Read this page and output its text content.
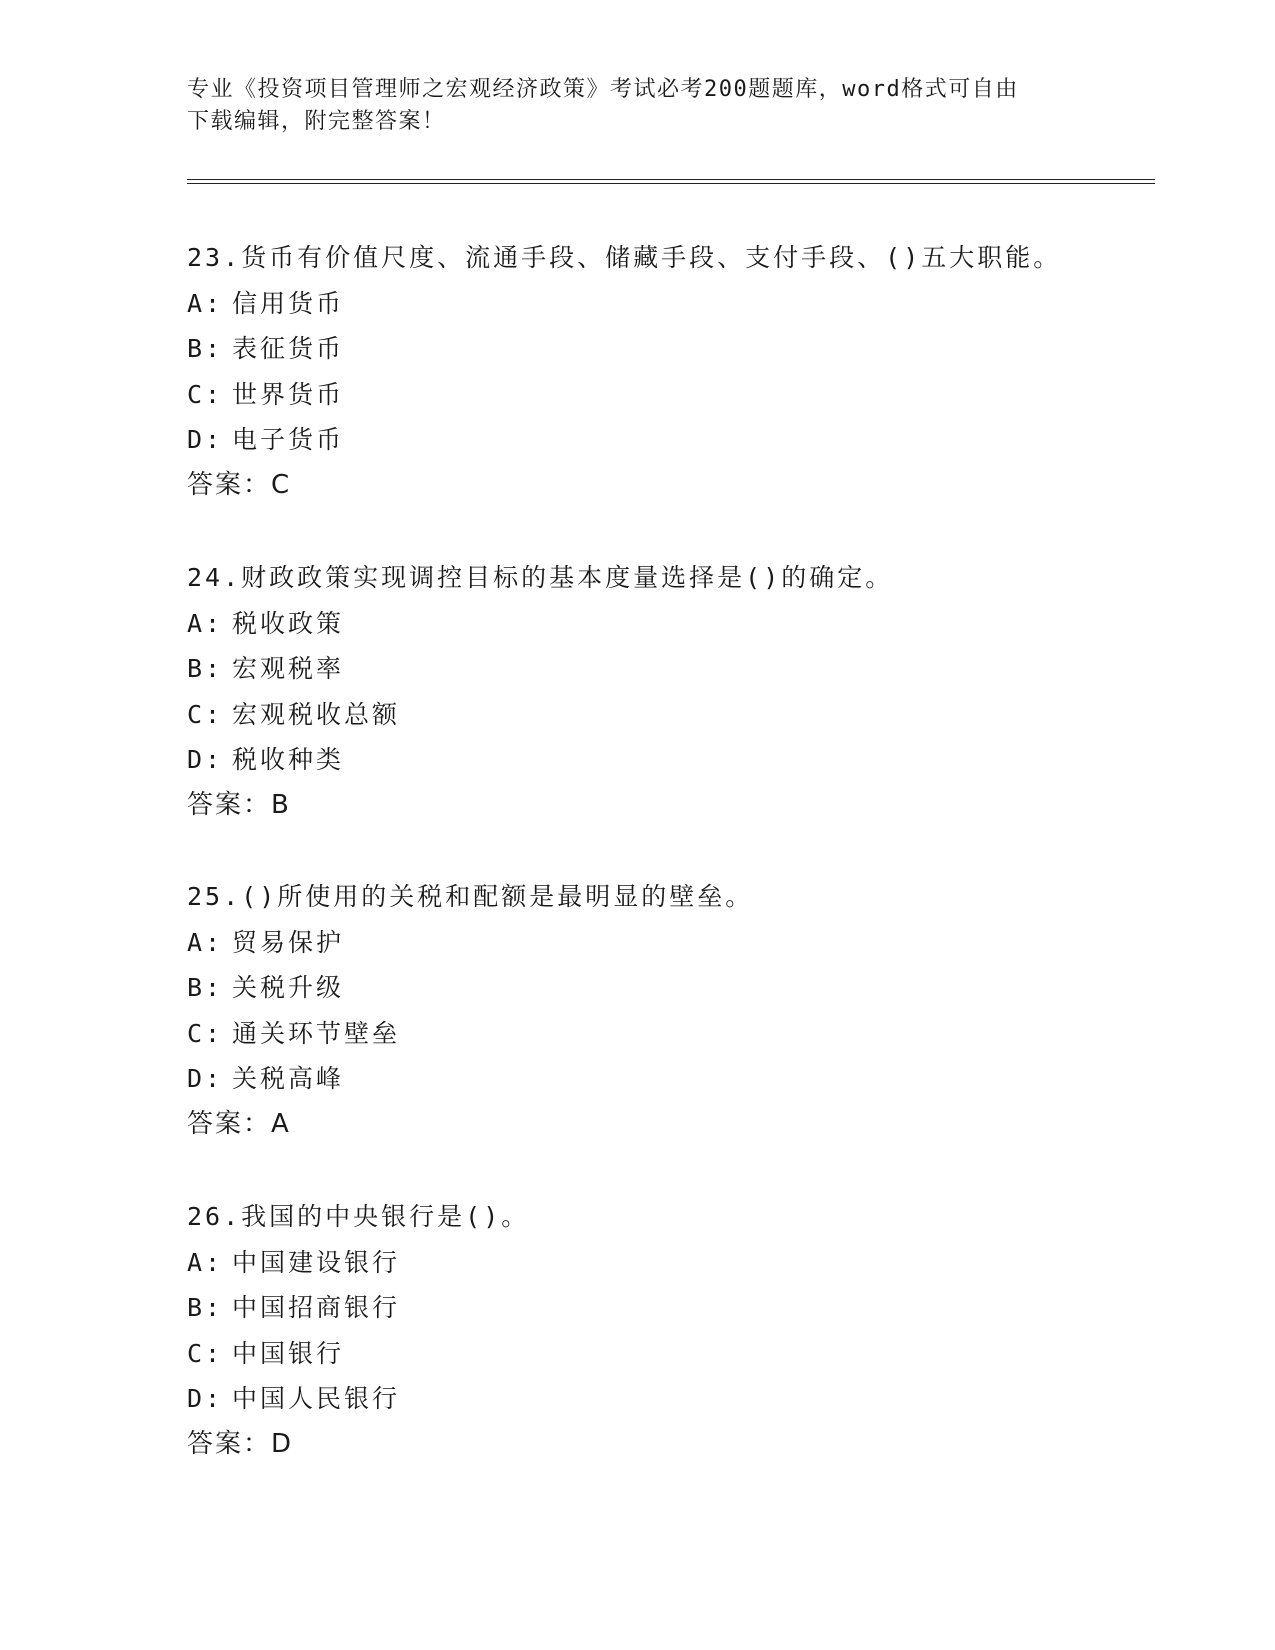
专业《投资项目管理师之宏观经济政策》考试必考200题题库，word格式可自由
下载编辑，附完整答案！
23.货币有价值尺度、流通手段、储藏手段、支付手段、()五大职能。
A: 信用货币
B: 表征货币
C: 世界货币
D: 电子货币
答案：C
24.财政政策实现调控目标的基本度量选择是()的确定。
A: 税收政策
B: 宏观税率
C: 宏观税收总额
D: 税收种类
答案：B
25.()所使用的关税和配额是最明显的壁垒。
A: 贸易保护
B: 关税升级
C: 通关环节壁垒
D: 关税高峰
答案：A
26.我国的中央银行是()。
A: 中国建设银行
B: 中国招商银行
C: 中国银行
D: 中国人民银行
答案：D
